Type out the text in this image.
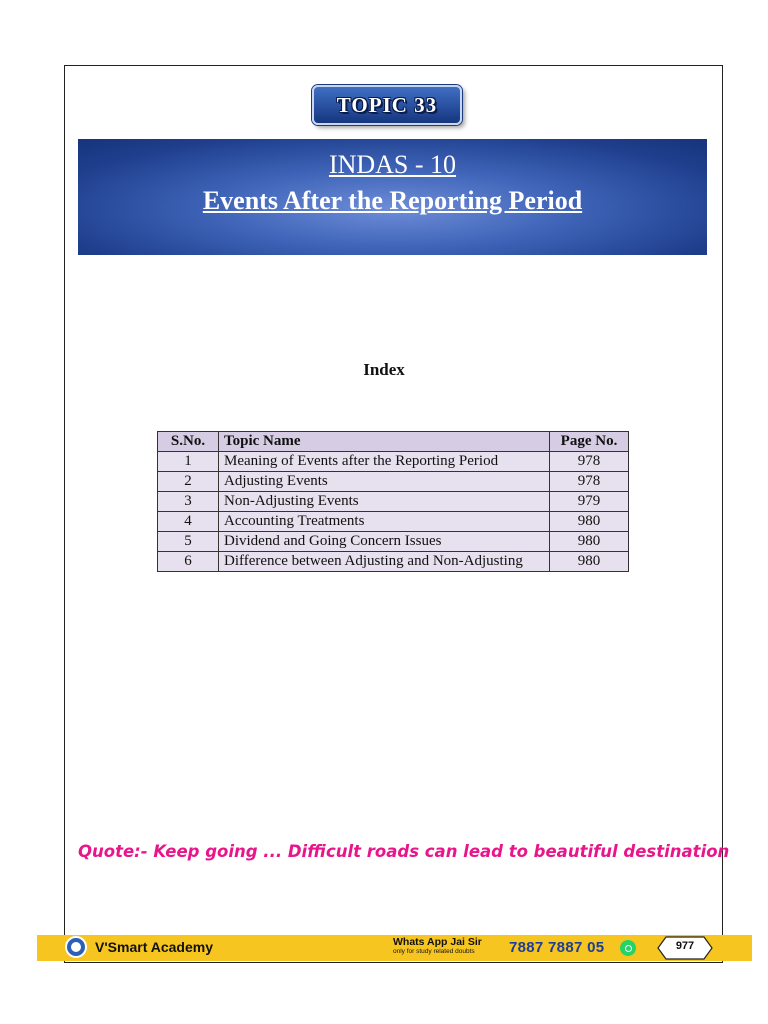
TOPIC 33
INDAS - 10
Events After the Reporting Period
Index
S.No.	Topic Name	Page No.
1	Meaning of Events after the Reporting Period	978
2	Adjusting Events	978
3	Non-Adjusting Events	979
4	Accounting Treatments	980
5	Dividend and Going Concern Issues	980
6	Difference between Adjusting and Non-Adjusting	980
Quote:- Keep going ... Difficult roads can lead to beautiful destination
V'Smart Academy	Whats App Jai Sir
only for study related doubts	7887 7887 05	977
